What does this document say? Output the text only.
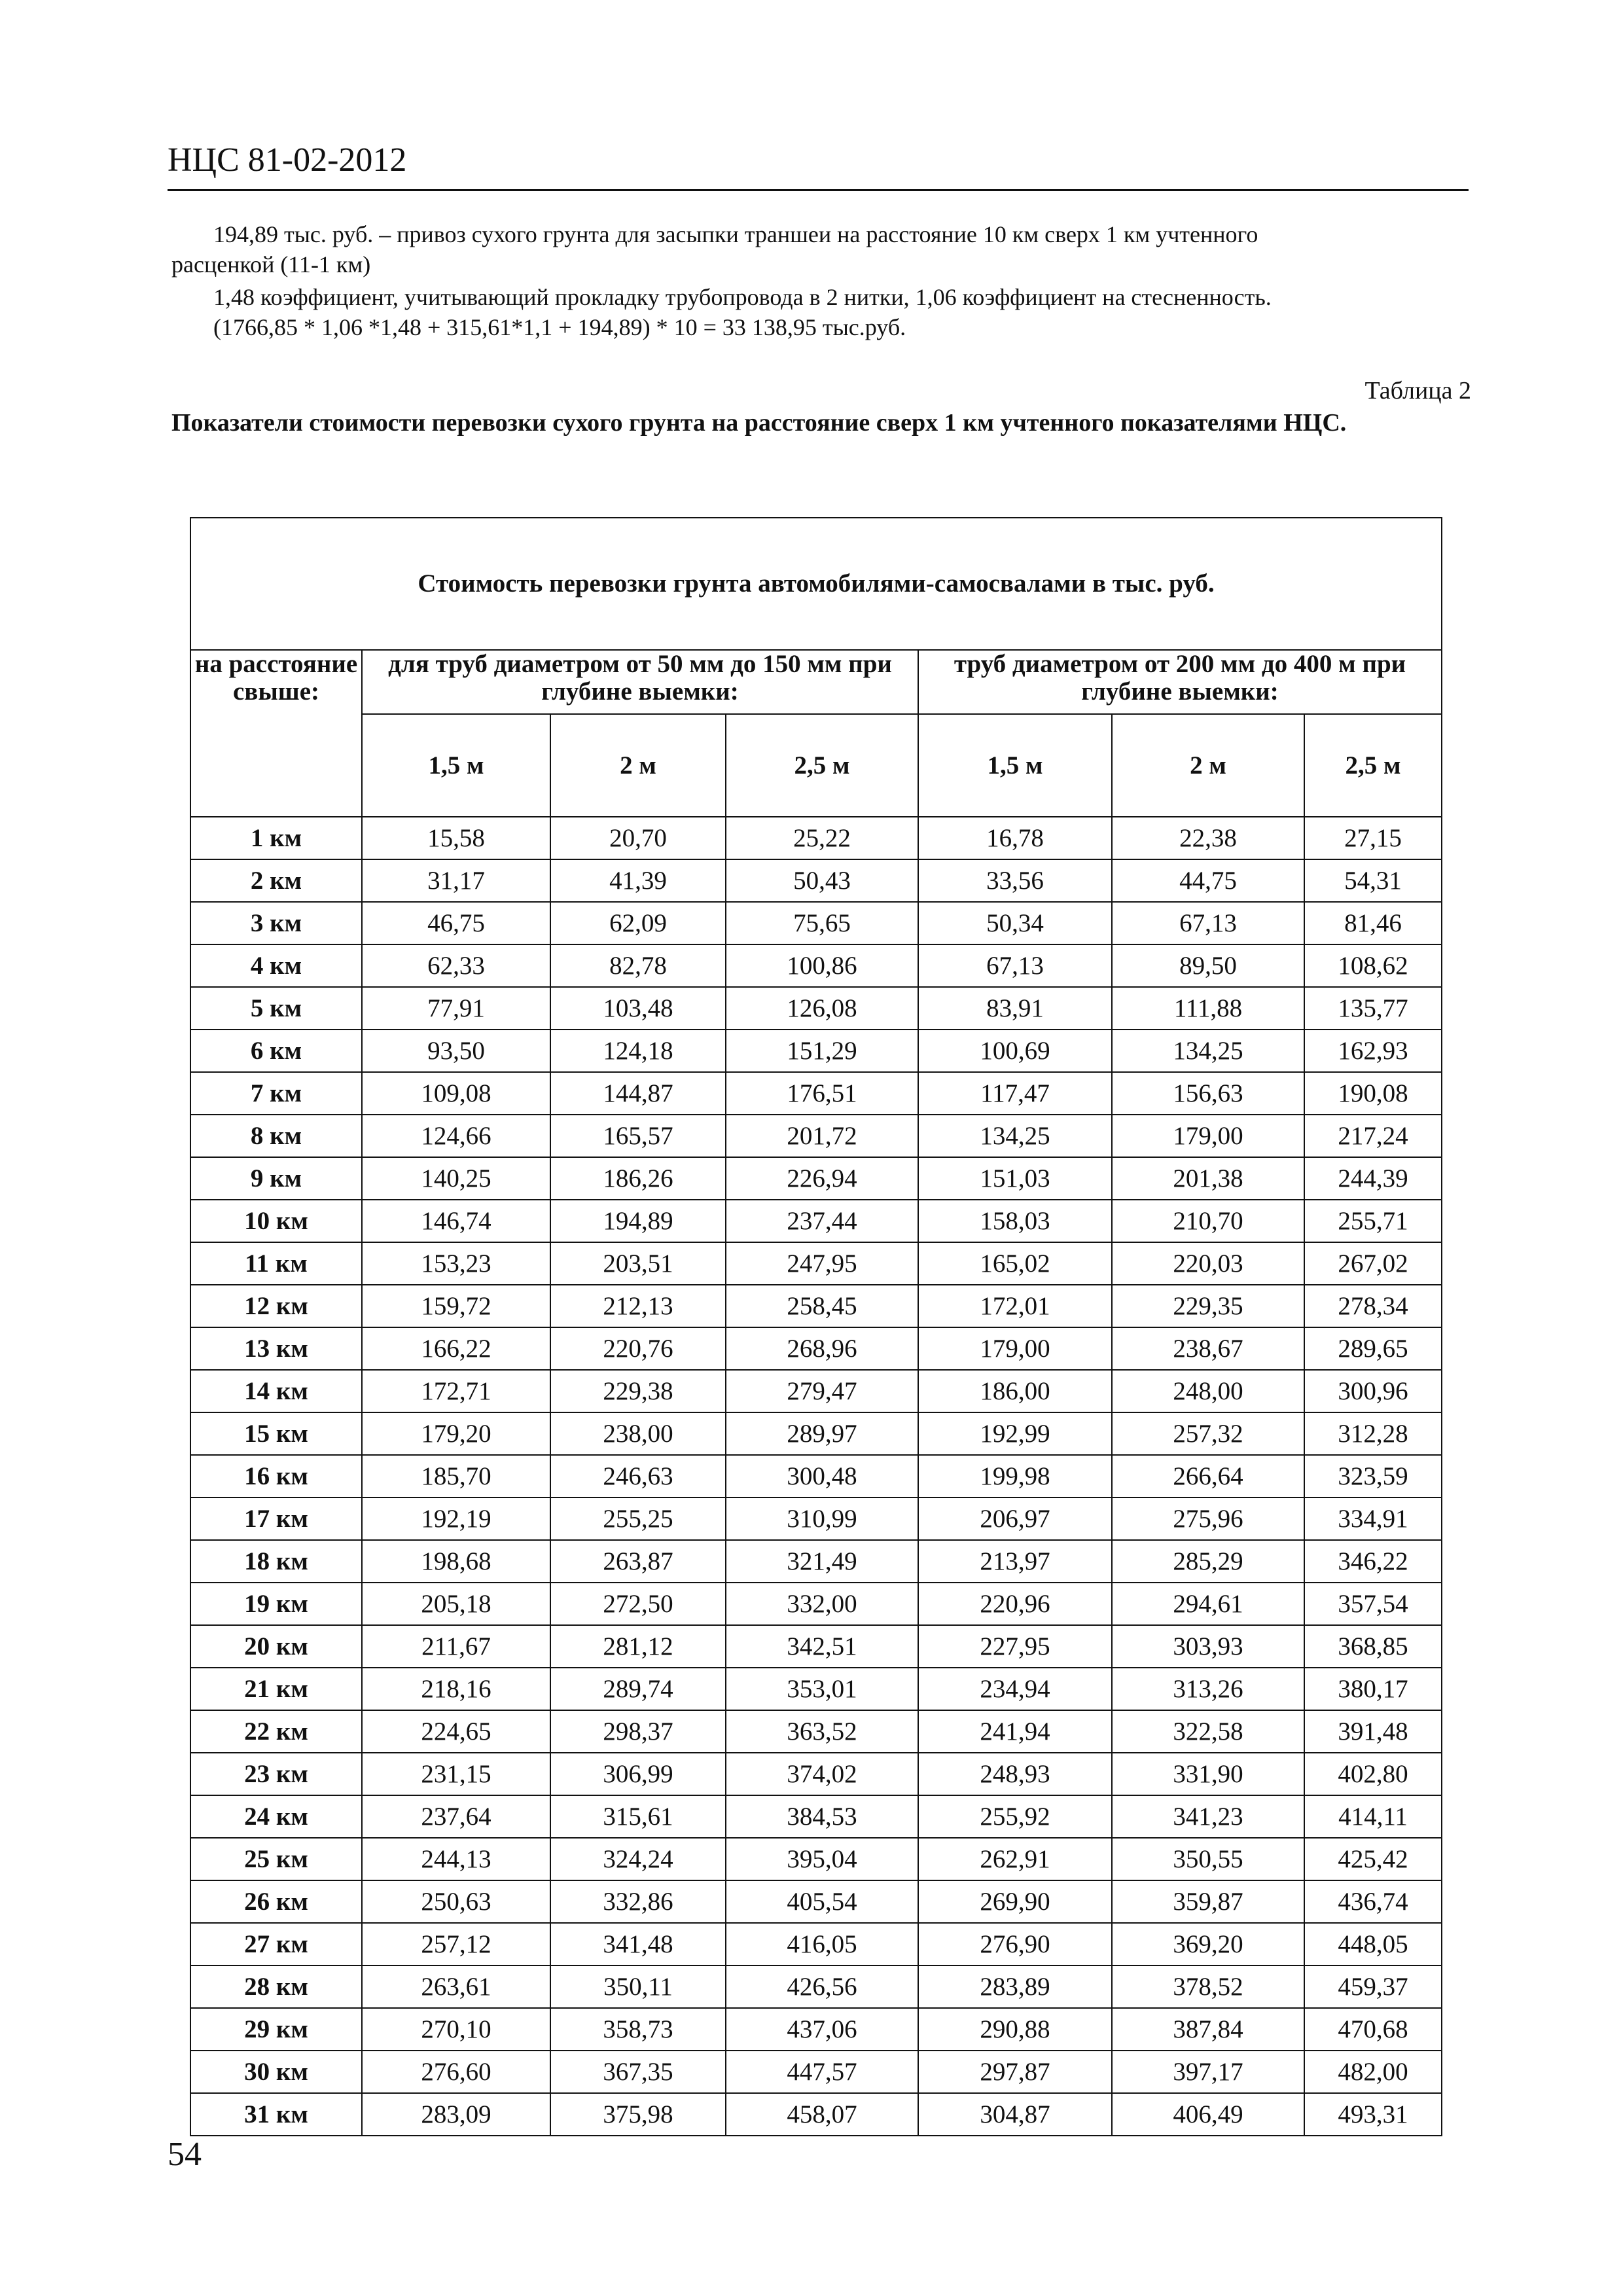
НЦС 81-02-2012
194,89 тыс. руб. – привоз сухого грунта для засыпки траншеи на расстояние 10 км сверх 1 км учтенного
расценкой (11-1 км)
1,48 коэффициент, учитывающий прокладку трубопровода в 2 нитки, 1,06 коэффициент на стесненность.
(1766,85 * 1,06 *1,48 + 315,61*1,1 + 194,89) * 10 = 33 138,95 тыс.руб.
Таблица 2
Показатели стоимости перевозки сухого грунта на расстояние сверх 1 км учтенного показателями НЦС.
Стоимость перевозки грунта автомобилями-самосвалами в тыс. руб.						
на расстояние свыше:	для труб диаметром от 50 мм до 150 мм при глубине выемки:			труб диаметром от 200 мм до 400 м при глубине выемки:		
	1,5 м	2 м	2,5 м	1,5 м	2 м	2,5 м
1 км	15,58	20,70	25,22	16,78	22,38	27,15
2 км	31,17	41,39	50,43	33,56	44,75	54,31
3 км	46,75	62,09	75,65	50,34	67,13	81,46
4 км	62,33	82,78	100,86	67,13	89,50	108,62
5 км	77,91	103,48	126,08	83,91	111,88	135,77
6 км	93,50	124,18	151,29	100,69	134,25	162,93
7 км	109,08	144,87	176,51	117,47	156,63	190,08
8 км	124,66	165,57	201,72	134,25	179,00	217,24
9 км	140,25	186,26	226,94	151,03	201,38	244,39
10 км	146,74	194,89	237,44	158,03	210,70	255,71
11 км	153,23	203,51	247,95	165,02	220,03	267,02
12 км	159,72	212,13	258,45	172,01	229,35	278,34
13 км	166,22	220,76	268,96	179,00	238,67	289,65
14 км	172,71	229,38	279,47	186,00	248,00	300,96
15 км	179,20	238,00	289,97	192,99	257,32	312,28
16 км	185,70	246,63	300,48	199,98	266,64	323,59
17 км	192,19	255,25	310,99	206,97	275,96	334,91
18 км	198,68	263,87	321,49	213,97	285,29	346,22
19 км	205,18	272,50	332,00	220,96	294,61	357,54
20 км	211,67	281,12	342,51	227,95	303,93	368,85
21 км	218,16	289,74	353,01	234,94	313,26	380,17
22 км	224,65	298,37	363,52	241,94	322,58	391,48
23 км	231,15	306,99	374,02	248,93	331,90	402,80
24 км	237,64	315,61	384,53	255,92	341,23	414,11
25 км	244,13	324,24	395,04	262,91	350,55	425,42
26 км	250,63	332,86	405,54	269,90	359,87	436,74
27 км	257,12	341,48	416,05	276,90	369,20	448,05
28 км	263,61	350,11	426,56	283,89	378,52	459,37
29 км	270,10	358,73	437,06	290,88	387,84	470,68
30 км	276,60	367,35	447,57	297,87	397,17	482,00
31 км	283,09	375,98	458,07	304,87	406,49	493,31
54
